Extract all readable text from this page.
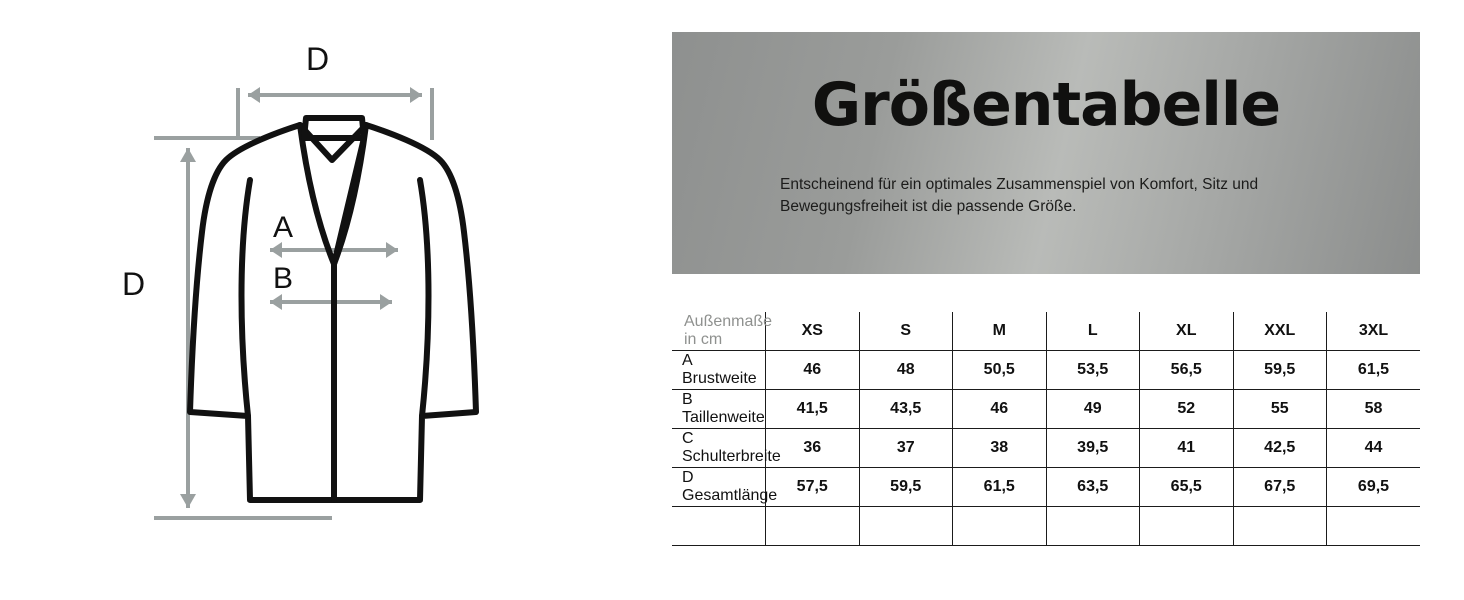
D
D
A
B
Größentabelle
Entscheinend für ein optimales Zusammenspiel von Komfort, Sitz und Bewegungsfreiheit ist die passende Größe.
Außenmaße in cm	XS	S	M	L	XL	XXL	3XL
ABrustweite	46	48	50,5	53,5	56,5	59,5	61,5
BTaillenweite	41,5	43,5	46	49	52	55	58
CSchulterbreite	36	37	38	39,5	41	42,5	44
DGesamtlänge	57,5	59,5	61,5	63,5	65,5	67,5	69,5
